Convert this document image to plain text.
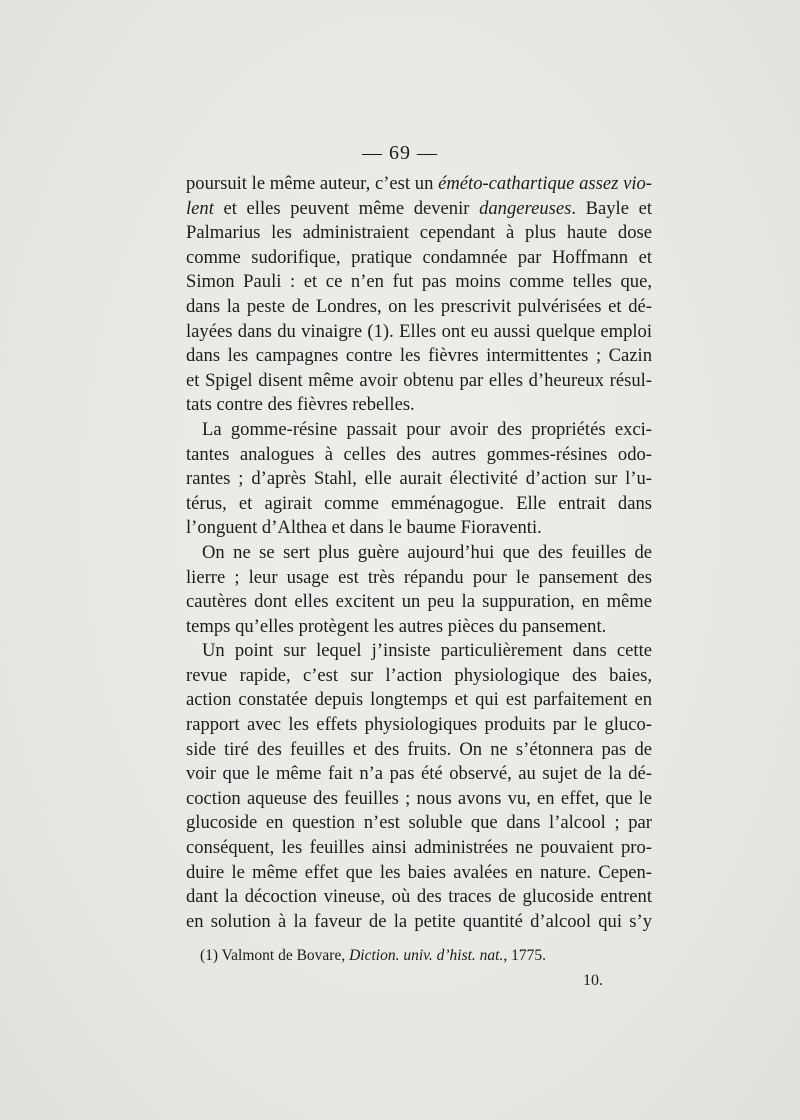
— 69 —
poursuit le même auteur, c’est un éméto-cathartique assez vio-
lent et elles peuvent même devenir dangereuses. Bayle et
Palmarius les administraient cependant à plus haute dose
comme sudorifique, pratique condamnée par Hoffmann et
Simon Pauli : et ce n’en fut pas moins comme telles que,
dans la peste de Londres, on les prescrivit pulvérisées et dé-
layées dans du vinaigre (1). Elles ont eu aussi quelque emploi
dans les campagnes contre les fièvres intermittentes ; Cazin
et Spigel disent même avoir obtenu par elles d’heureux résul-
tats contre des fièvres rebelles.
La gomme-résine passait pour avoir des propriétés exci-
tantes analogues à celles des autres gommes-résines odo-
rantes ; d’après Stahl, elle aurait électivité d’action sur l’u-
térus, et agirait comme emménagogue. Elle entrait dans
l’onguent d’Althea et dans le baume Fioraventi.
On ne se sert plus guère aujourd’hui que des feuilles de
lierre ; leur usage est très répandu pour le pansement des
cautères dont elles excitent un peu la suppuration, en même
temps qu’elles protègent les autres pièces du pansement.
Un point sur lequel j’insiste particulièrement dans cette
revue rapide, c’est sur l’action physiologique des baies,
action constatée depuis longtemps et qui est parfaitement en
rapport avec les effets physiologiques produits par le gluco-
side tiré des feuilles et des fruits. On ne s’étonnera pas de
voir que le même fait n’a pas été observé, au sujet de la dé-
coction aqueuse des feuilles ; nous avons vu, en effet, que le
glucoside en question n’est soluble que dans l’alcool ; par
conséquent, les feuilles ainsi administrées ne pouvaient pro-
duire le même effet que les baies avalées en nature. Cepen-
dant la décoction vineuse, où des traces de glucoside entrent
en solution à la faveur de la petite quantité d’alcool qui s’y
(1) Valmont de Bovare, Diction. univ. d’hist. nat., 1775.
10.
